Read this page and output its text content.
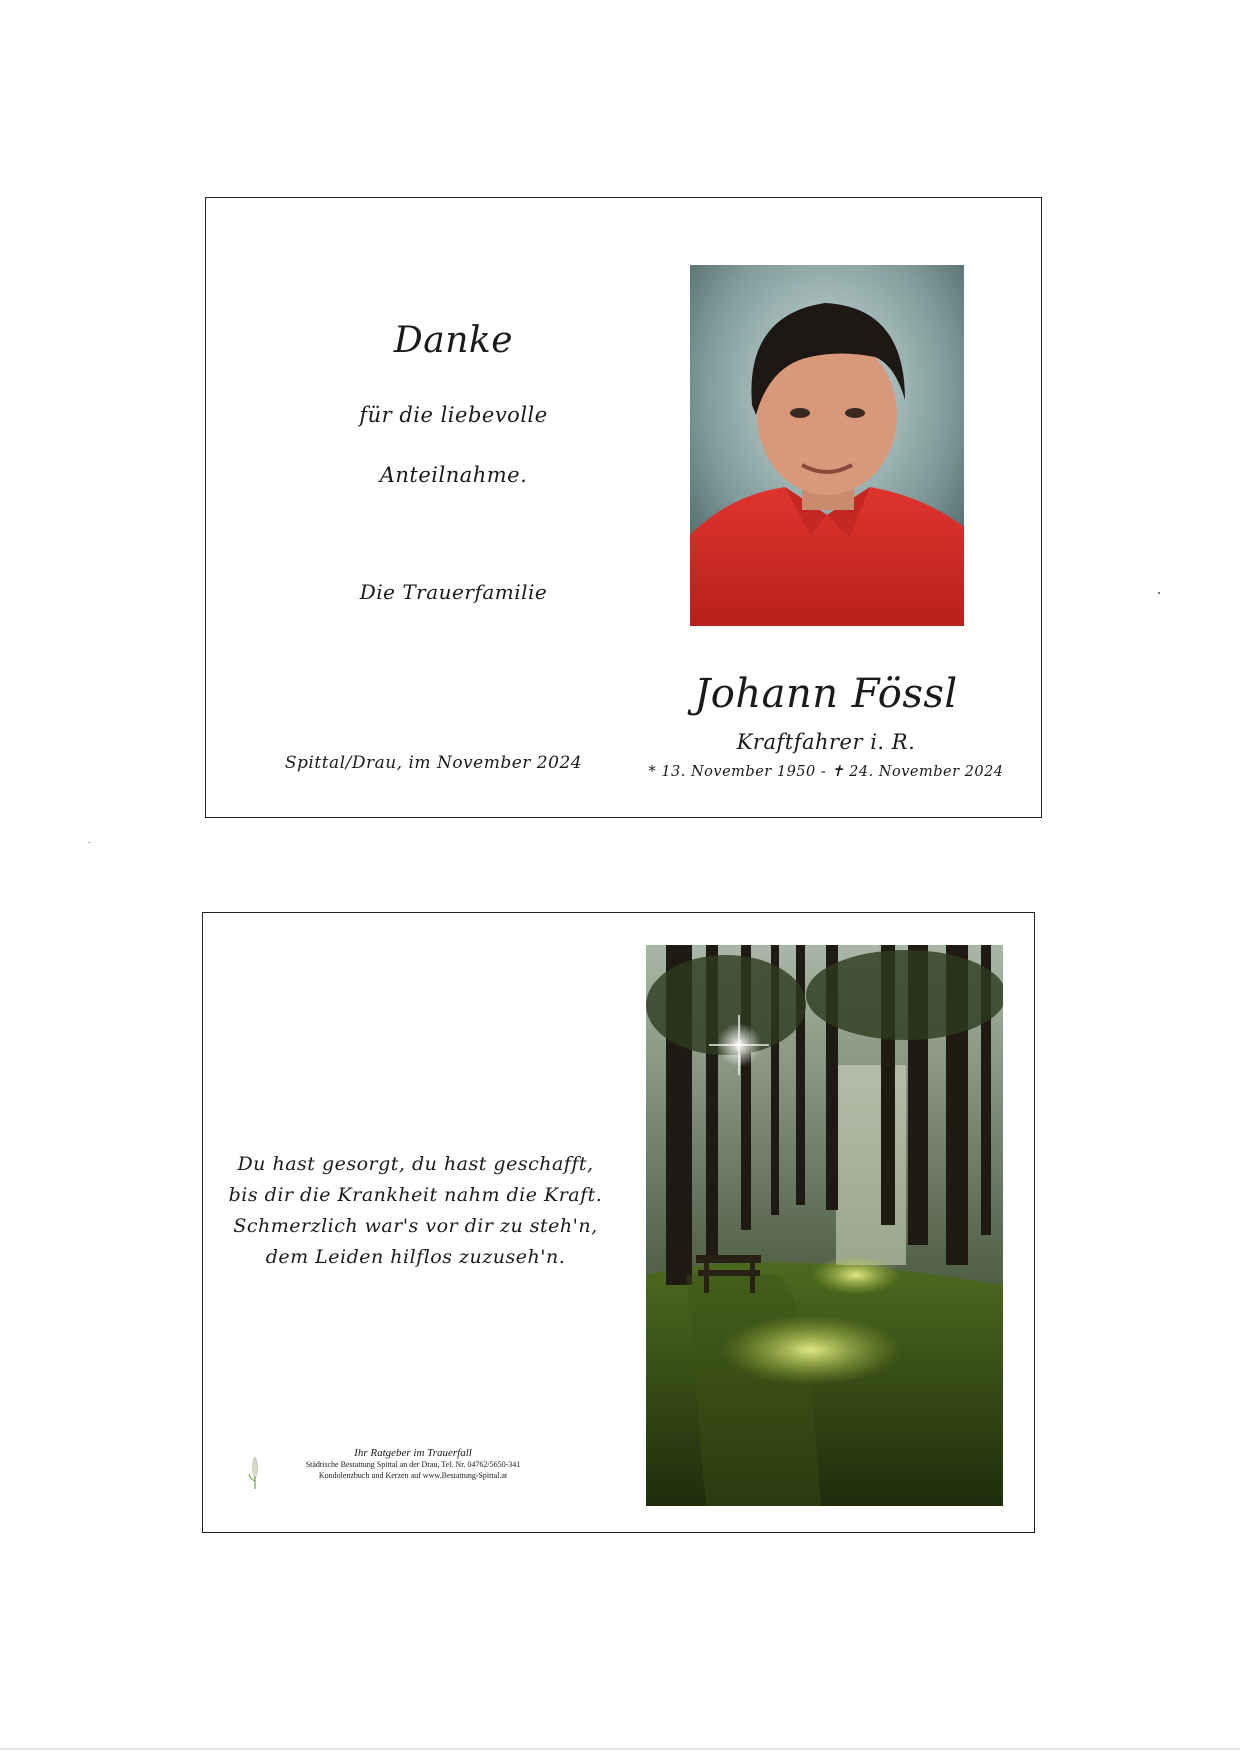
Danke
für die liebevolle
Anteilnahme.
Die Trauerfamilie
Spittal/Drau, im November 2024
Johann Fössl
Kraftfahrer i. R.
* 13. November 1950 - ✝ 24. November 2024
Du hast gesorgt, du hast geschafft,
bis dir die Krankheit nahm die Kraft.
Schmerzlich war's vor dir zu steh'n,
dem Leiden hilflos zuzuseh'n.
Ihr Ratgeber im Trauerfall
Städtische Bestattung Spittal an der Drau, Tel. Nr. 04762/5650-341
Kondolenzbuch und Kerzen auf www.Bestattung-Spittal.at
